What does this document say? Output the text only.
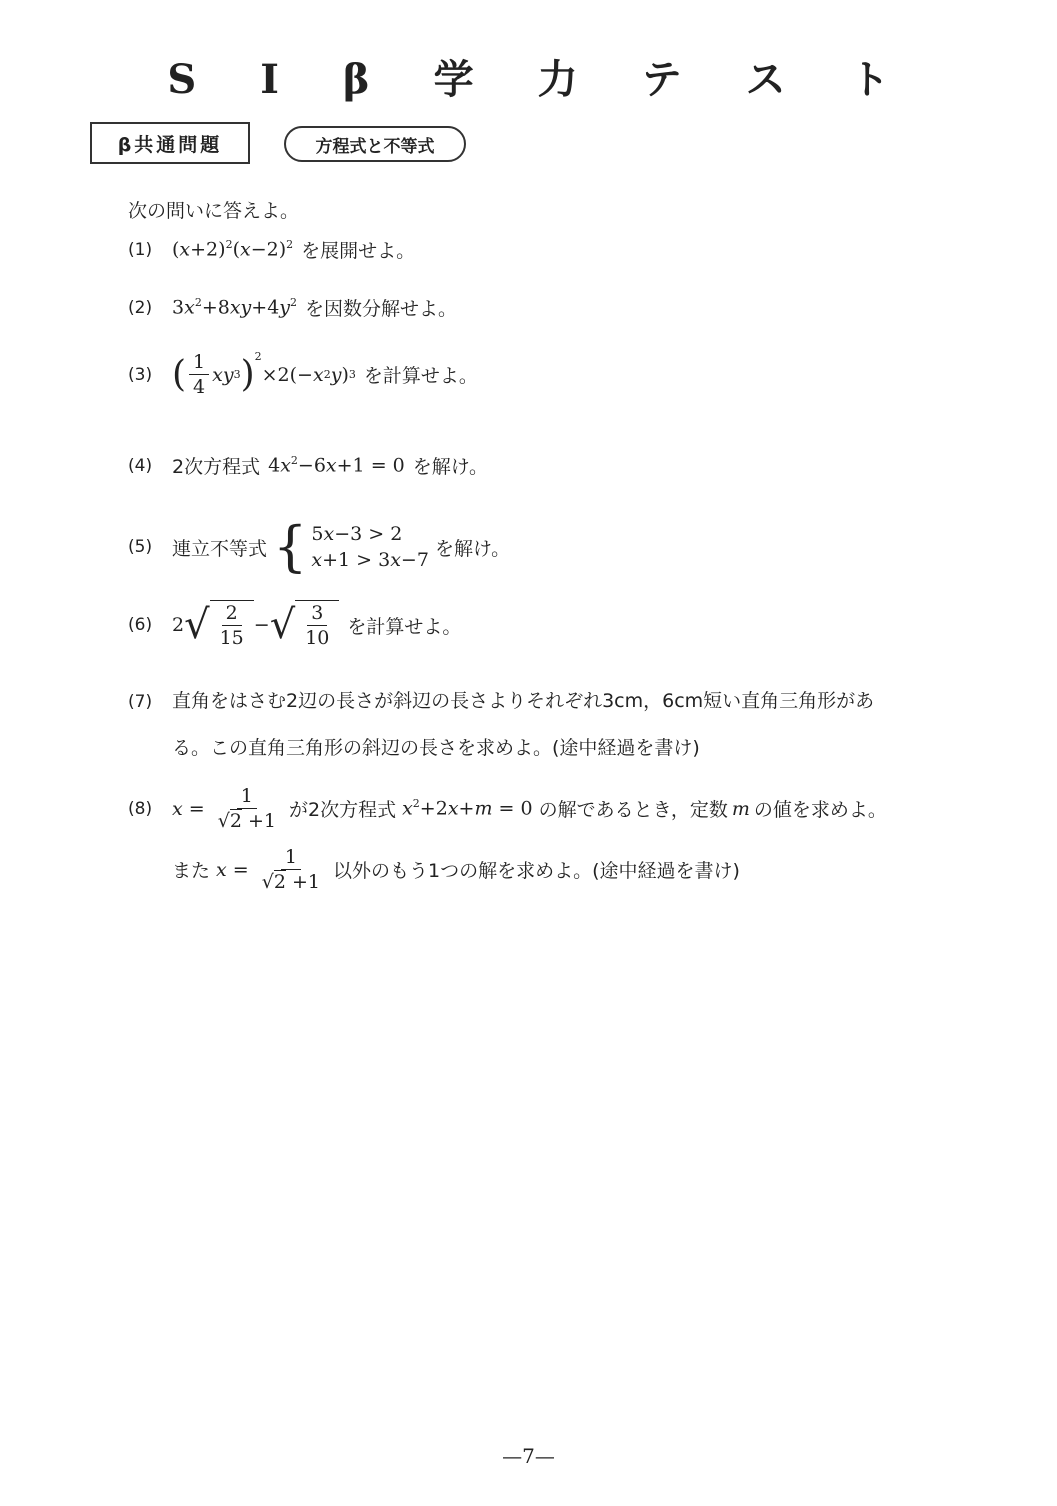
S I β 学 力 テ ス ト
β共通問題	方程式と不等式
次の問いに答えよ。
(1)	$(x+2)^2(x-2)^2$ を展開せよ。
(2)	$3x^2+8xy+4y^2$ を因数分解せよ。
(3) ( $\frac{1}{4}$ xy 3 )$^2$
×2(− x 2 y ) 3 を計算せよ。
(4)	2次方程式 $4x^2-6x+1 = 0$ を解け。
(5)	連立不等式 { 5x−3 > 2
x+1 > 3x−7
を解け。
(6)	2 √ $\frac{2}{15}$ − √ $\frac{3}{10}$ を計算せよ。
(7) 直角をはさむ2辺の長さが斜辺の長さよりそれぞれ3cm，6cm短い直角三角形があ
る。この直角三角形の斜辺の長さを求めよ。(途中経過を書け)
(8)	$x = \frac{1}{√2 +1}$ が2次方程式 $x^2+2x+m = 0$ の解であるとき，定数 m の値を求めよ。
また $x = \frac{1}{√2 +1}$ 以外のもう1つの解を求めよ。(途中経過を書け)
—7—
